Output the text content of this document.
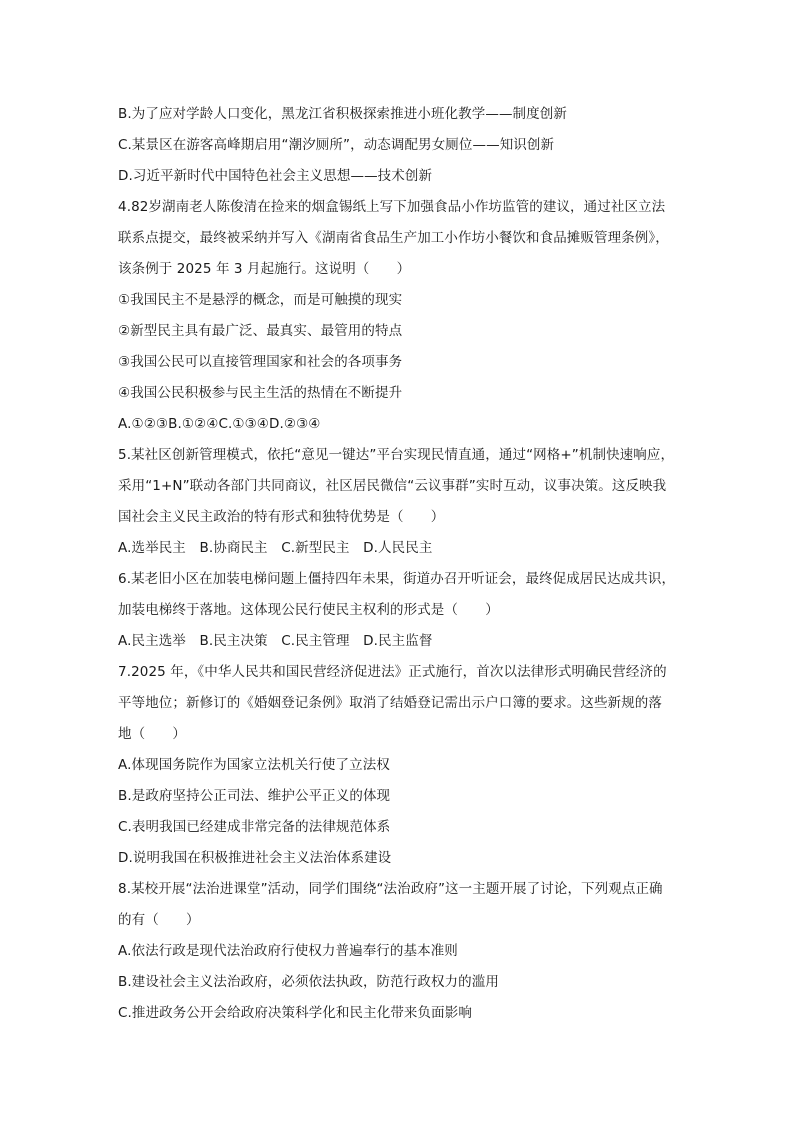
B.为了应对学龄人口变化，黑龙江省积极探索推进小班化教学——制度创新
C.某景区在游客高峰期启用“潮汐厕所”，动态调配男女厕位——知识创新
D.习近平新时代中国特色社会主义思想——技术创新
4.82岁湖南老人陈俊清在捡来的烟盒锡纸上写下加强食品小作坊监管的建议，通过社区立法
联系点提交，最终被采纳并写入《湖南省食品生产加工小作坊小餐饮和食品摊贩管理条例》，
该条例于 2025 年 3 月起施行。这说明（　　）
①我国民主不是悬浮的概念，而是可触摸的现实
②新型民主具有最广泛、最真实、最管用的特点
③我国公民可以直接管理国家和社会的各项事务
④我国公民积极参与民主生活的热情在不断提升
A.①②③B.①②④C.①③④D.②③④
5.某社区创新管理模式，依托“意见一键达”平台实现民情直通，通过“网格+”机制快速响应，
采用“1+N”联动各部门共同商议，社区居民微信“云议事群”实时互动，议事决策。这反映我
国社会主义民主政治的特有形式和独特优势是（　　）
A.选举民主　B.协商民主　C.新型民主　D.人民民主
6.某老旧小区在加装电梯问题上僵持四年未果，街道办召开听证会，最终促成居民达成共识，
加装电梯终于落地。这体现公民行使民主权利的形式是（　　）
A.民主选举　B.民主决策　C.民主管理　D.民主监督
7.2025 年，《中华人民共和国民营经济促进法》正式施行，首次以法律形式明确民营经济的
平等地位；新修订的《婚姻登记条例》取消了结婚登记需出示户口簿的要求。这些新规的落
地（　　）
A.体现国务院作为国家立法机关行使了立法权
B.是政府坚持公正司法、维护公平正义的体现
C.表明我国已经建成非常完备的法律规范体系
D.说明我国在积极推进社会主义法治体系建设
8.某校开展“法治进课堂”活动，同学们围绕“法治政府”这一主题开展了讨论，下列观点正确
的有（　　）
A.依法行政是现代法治政府行使权力普遍奉行的基本准则
B.建设社会主义法治政府，必须依法执政，防范行政权力的滥用
C.推进政务公开会给政府决策科学化和民主化带来负面影响
